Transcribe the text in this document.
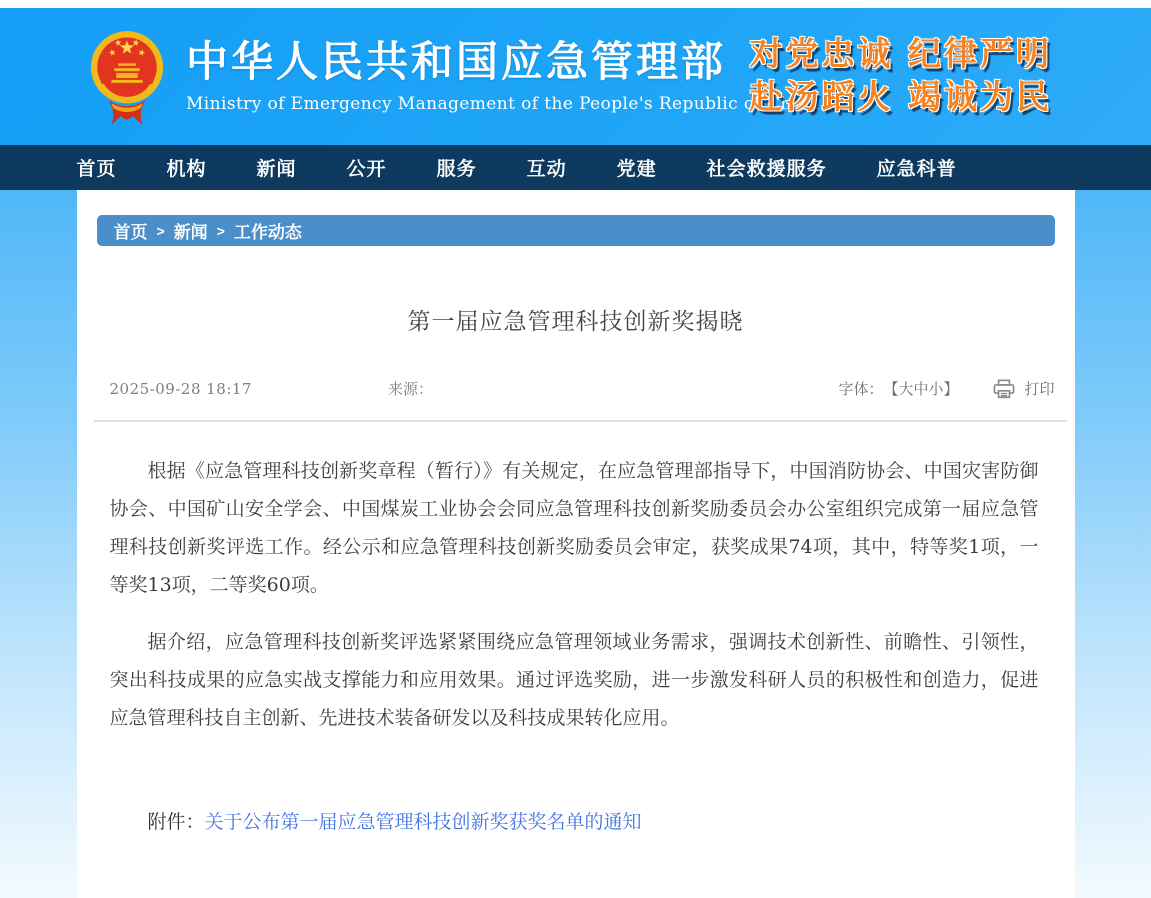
中华人民共和国应急管理部
Ministry of Emergency Management of the People's Republic of China
对党忠诚 纪律严明
赴汤蹈火 竭诚为民
首页	机构	新闻	公开	服务	互动	党建	社会救援服务	应急科普
首页 > 新闻 > 工作动态
第一届应急管理科技创新奖揭晓
2025-09-28 18:17	来源：	字体： 【大中小】	打印

根据《应急管理科技创新奖章程（暂行）》有关规定，在应急管理部指导下，中国消防协会、中国灾害防御协会、中国矿山安全学会、中国煤炭工业协会会同应急管理科技创新奖励委员会办公室组织完成第一届应急管理科技创新奖评选工作。经公示和应急管理科技创新奖励委员会审定，获奖成果74项，其中，特等奖1项，一等奖13项，二等奖60项。

据介绍，应急管理科技创新奖评选紧紧围绕应急管理领域业务需求，强调技术创新性、前瞻性、引领性，突出科技成果的应急实战支撑能力和应用效果。通过评选奖励，进一步激发科研人员的积极性和创造力，促进应急管理科技自主创新、先进技术装备研发以及科技成果转化应用。

附件：关于公布第一届应急管理科技创新奖获奖名单的通知
